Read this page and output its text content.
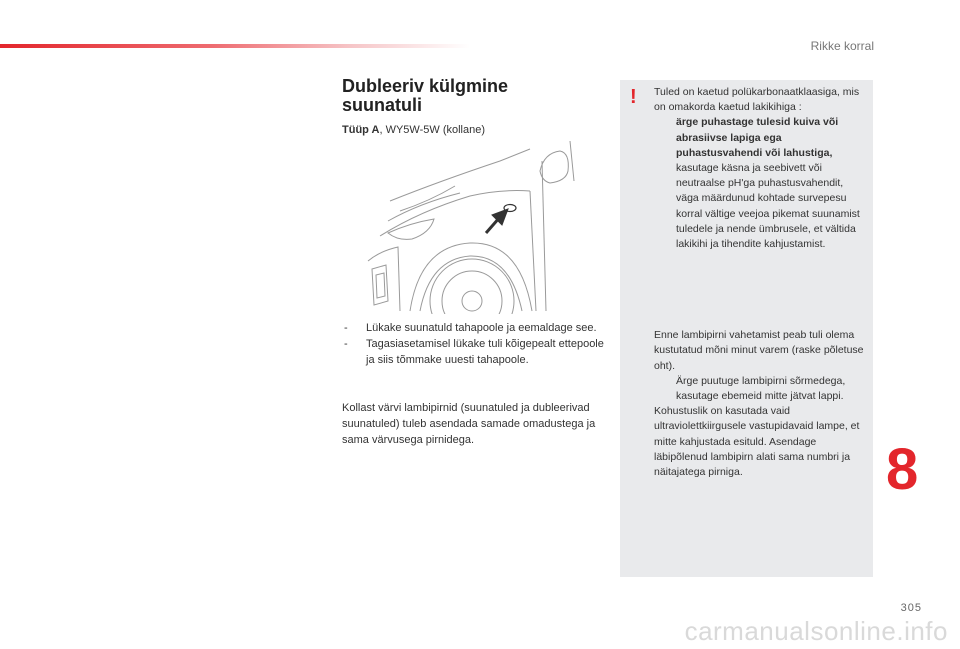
Rikke korral
Dubleeriv külgmine
suunatuli
Tüüp A, WY5W-5W (kollane)
- Lükake suunatuld tahapoole ja eemaldage see.
- Tagasiasetamisel lükake tuli kõigepealt ettepoole ja siis tõmmake uuesti tahapoole.
Kollast värvi lambipirnid (suunatuled ja dubleerivad suunatuled) tuleb asendada samade omadustega ja sama värvusega pirnidega.
! Tuled on kaetud polükarbonaatklaasiga, mis on omakorda kaetud lakikihiga :

ärge puhastage tulesid kuiva või abrasiivse lapiga ega puhastusvahendi või lahustiga,
kasutage käsna ja seebivett või neutraalse pH'ga puhastusvahendit,
väga määrdunud kohtade survepesu korral vältige veejoa pikemat suunamist tuledele ja nende ümbrusele, et vältida lakikihi ja tihendite kahjustamist.

Enne lambipirni vahetamist peab tuli olema kustutatud mõni minut varem (raske põletuse oht).

Ärge puutuge lambipirni sõrmedega, kasutage ebemeid mitte jätvat lappi.

Kohustuslik on kasutada vaid ultraviolettkiirgusele vastupidavaid lampe, et mitte kahjustada esituld. Asendage läbipõlenud lambipirn alati sama numbri ja näitajatega pirniga.	8
305
carmanualsonline.info
